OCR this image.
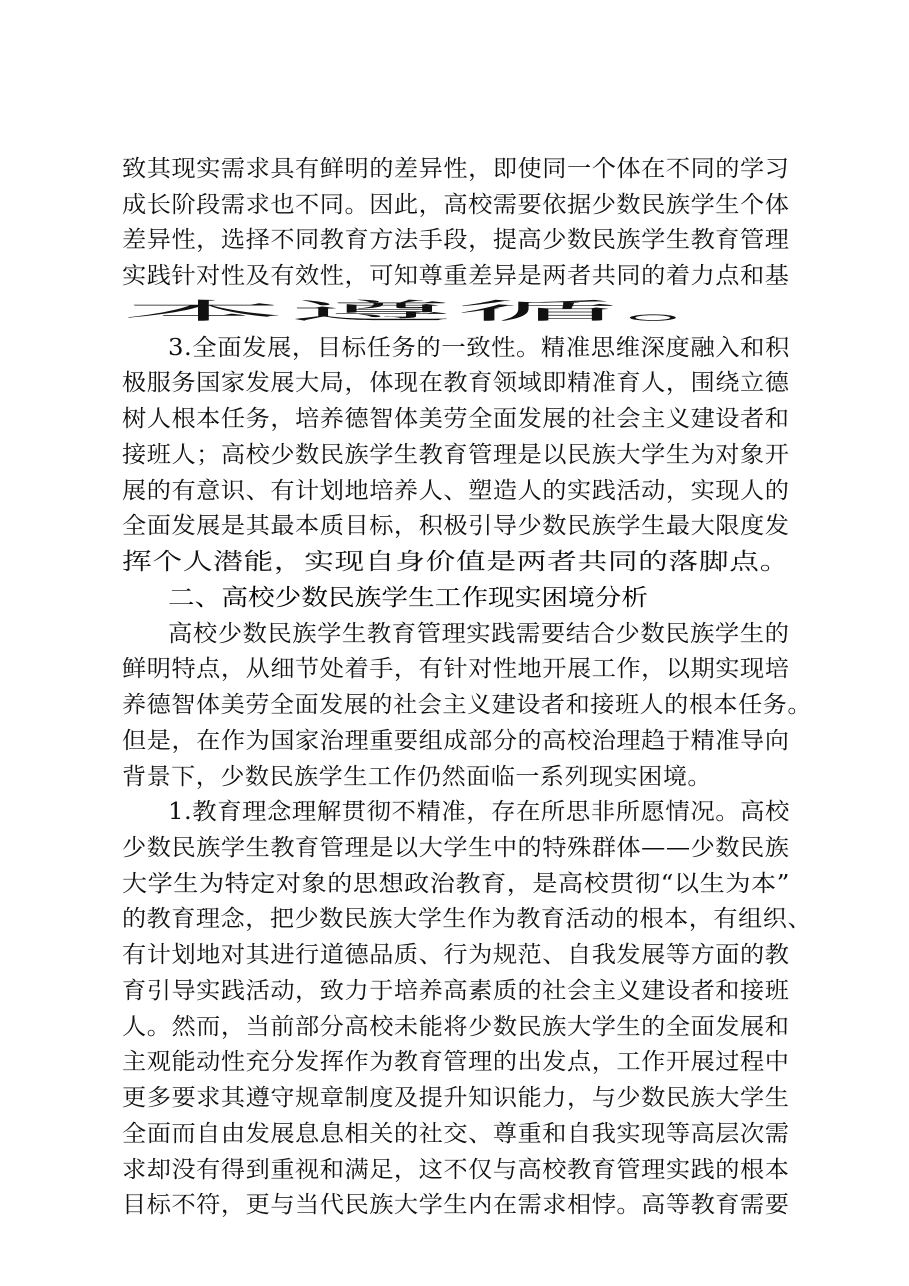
致其现实需求具有鲜明的差异性，即使同一个体在不同的学习
成长阶段需求也不同。因此，高校需要依据少数民族学生个体
差异性，选择不同教育方法手段，提高少数民族学生教育管理
实践针对性及有效性，可知尊重差异是两者共同的着力点和基
本遵循。
3.全面发展，目标任务的一致性。精准思维深度融入和积
极服务国家发展大局，体现在教育领域即精准育人，围绕立德
树人根本任务，培养德智体美劳全面发展的社会主义建设者和
接班人；高校少数民族学生教育管理是以民族大学生为对象开
展的有意识、有计划地培养人、塑造人的实践活动，实现人的
全面发展是其最本质目标，积极引导少数民族学生最大限度发
挥个人潜能，实现自身价值是两者共同的落脚点。
二、高校少数民族学生工作现实困境分析
高校少数民族学生教育管理实践需要结合少数民族学生的
鲜明特点，从细节处着手，有针对性地开展工作，以期实现培
养德智体美劳全面发展的社会主义建设者和接班人的根本任务。
但是，在作为国家治理重要组成部分的高校治理趋于精准导向
背景下，少数民族学生工作仍然面临一系列现实困境。
1.教育理念理解贯彻不精准，存在所思非所愿情况。高校
少数民族学生教育管理是以大学生中的特殊群体——少数民族
大学生为特定对象的思想政治教育，是高校贯彻“以生为本”
的教育理念，把少数民族大学生作为教育活动的根本，有组织、
有计划地对其进行道德品质、行为规范、自我发展等方面的教
育引导实践活动，致力于培养高素质的社会主义建设者和接班
人。然而，当前部分高校未能将少数民族大学生的全面发展和
主观能动性充分发挥作为教育管理的出发点，工作开展过程中
更多要求其遵守规章制度及提升知识能力，与少数民族大学生
全面而自由发展息息相关的社交、尊重和自我实现等高层次需
求却没有得到重视和满足，这不仅与高校教育管理实践的根本
目标不符，更与当代民族大学生内在需求相悖。高等教育需要
